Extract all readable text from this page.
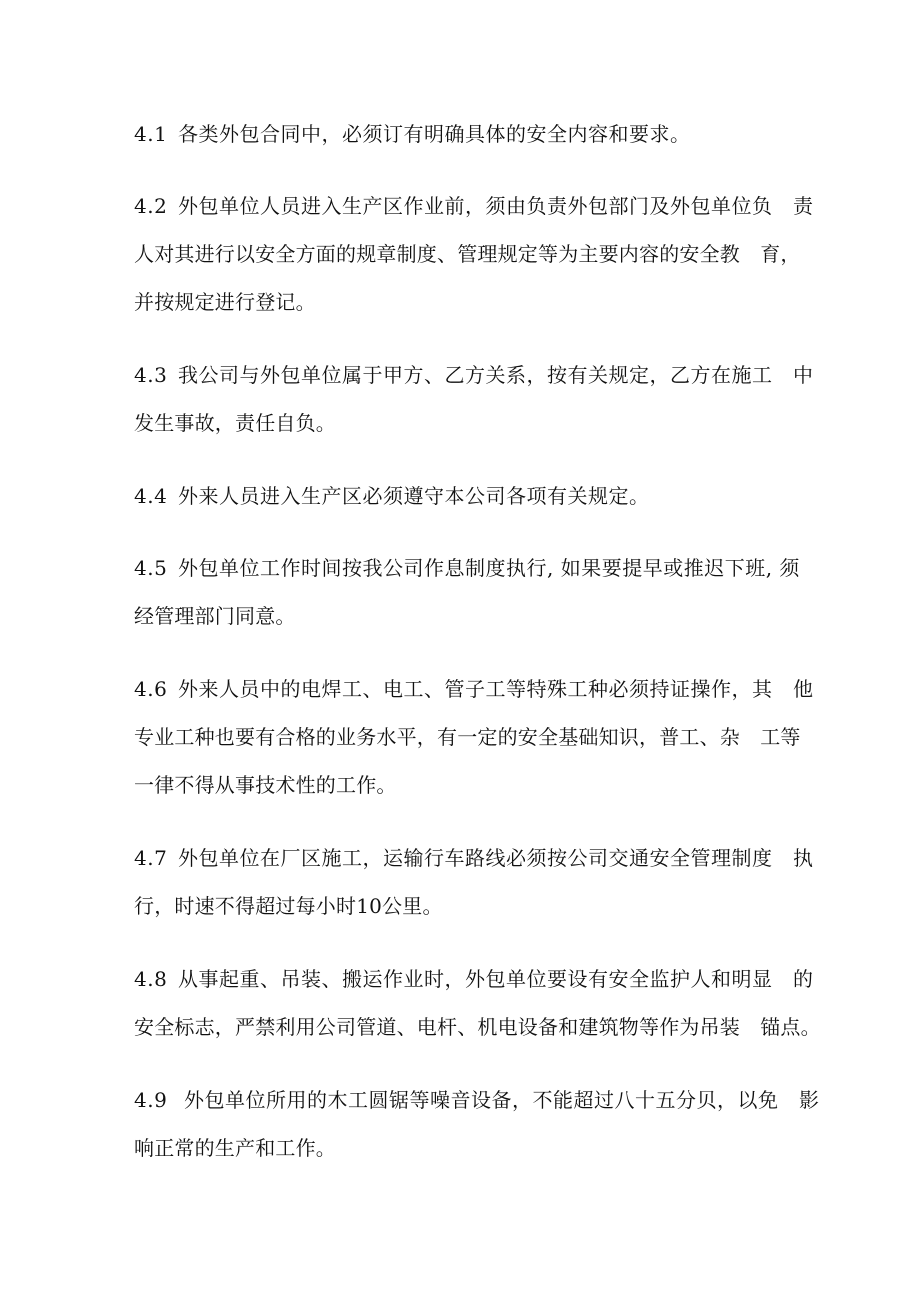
4.1 各类外包合同中，必须订有明确具体的安全内容和要求。
4.2 外包单位人员进入生产区作业前，须由负责外包部门及外包单位负　责
人对其进行以安全方面的规章制度、管理规定等为主要内容的安全教　育，
并按规定进行登记。
4.3 我公司与外包单位属于甲方、乙方关系，按有关规定，乙方在施工　中
发生事故，责任自负。
4.4 外来人员进入生产区必须遵守本公司各项有关规定。
4.5 外包单位工作时间按我公司作息制度执行, 如果要提早或推迟下班, 须
经管理部门同意。
4.6 外来人员中的电焊工、电工、管子工等特殊工种必须持证操作，其　他
专业工种也要有合格的业务水平，有一定的安全基础知识，普工、杂　工等
一律不得从事技术性的工作。
4.7 外包单位在厂区施工，运输行车路线必须按公司交通安全管理制度　执
行，时速不得超过每小时10公里。
4.8 从事起重、吊装、搬运作业时，外包单位要设有安全监护人和明显　的
安全标志，严禁利用公司管道、电杆、机电设备和建筑物等作为吊装　锚点。
4.9 外包单位所用的木工圆锯等噪音设备，不能超过八十五分贝，以免　影
响正常的生产和工作。
